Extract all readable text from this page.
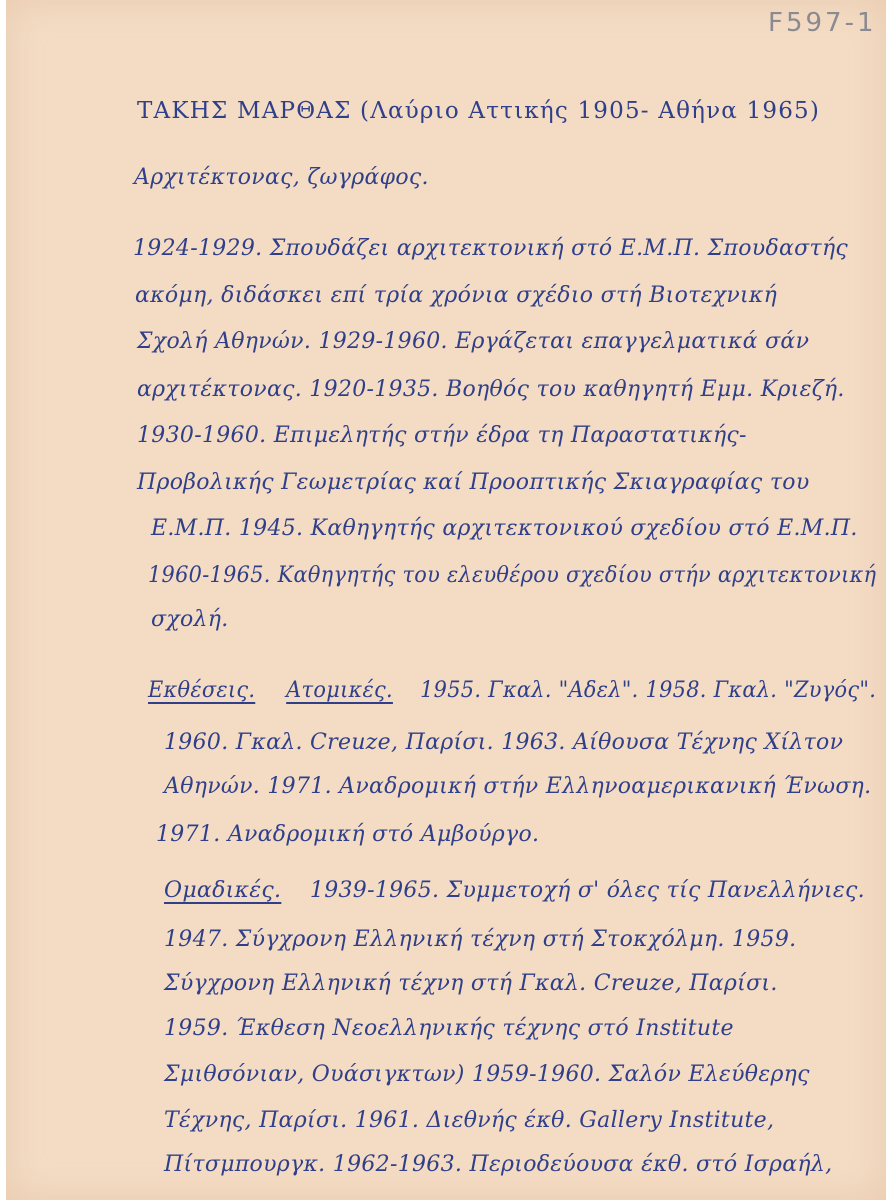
F597-1
ΤΑΚΗΣ ΜΑΡΘΑΣ (Λαύριο Αττικής 1905- Αθήνα 1965)
Αρχιτέκτονας, ζωγράφος.
1924-1929. Σπουδάζει αρχιτεκτονική στό Ε.Μ.Π. Σπουδαστής
ακόμη, διδάσκει επί τρία χρόνια σχέδιο στή Βιοτεχνική
Σχολή Αθηνών. 1929-1960. Εργάζεται επαγγελματικά σάν
αρχιτέκτονας. 1920-1935. Βοηθός του καθηγητή Εμμ. Κριεζή.
1930-1960. Επιμελητής στήν έδρα τη Παραστατικής-
Προβολικής Γεωμετρίας καί Προοπτικής Σκιαγραφίας του
Ε.Μ.Π. 1945. Καθηγητής αρχιτεκτονικού σχεδίου στό Ε.Μ.Π.
1960-1965. Καθηγητής του ελευθέρου σχεδίου στήν αρχιτεκτονική
σχολή.
Εκθέσεις. Ατομικές. 1955. Γκαλ. "Αδελ". 1958. Γκαλ. "Ζυγός".
1960. Γκαλ. Creuze, Παρίσι. 1963. Αίθουσα Τέχνης Χίλτον
Αθηνών. 1971. Αναδρομική στήν Ελληνοαμερικανική Ένωση.
1971. Αναδρομική στό Αμβούργο.
Ομαδικές. 1939-1965. Συμμετοχή σ' όλες τίς Πανελλήνιες.
1947. Σύγχρονη Ελληνική τέχνη στή Στοκχόλμη. 1959.
Σύγχρονη Ελληνική τέχνη στή Γκαλ. Creuze, Παρίσι.
1959. Έκθεση Νεοελληνικής τέχνης στό Institute
Σμιθσόνιαν, Ουάσιγκτων) 1959-1960. Σαλόν Ελεύθερης
Τέχνης, Παρίσι. 1961. Διεθνής έκθ. Gallery Institute,
Πίτσμπουργκ. 1962-1963. Περιοδεύουσα έκθ. στό Ισραήλ,
